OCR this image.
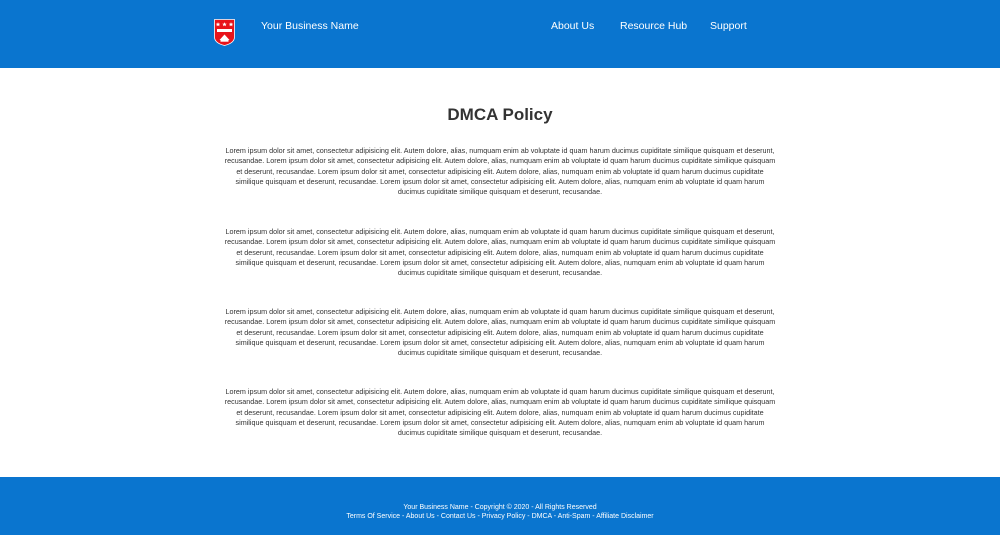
Your Business Name	About Us Resource Hub Support
DMCA Policy

Lorem ipsum dolor sit amet, consectetur adipisicing elit. Autem dolore, alias, numquam enim ab voluptate id quam harum ducimus cupiditate similique quisquam et deserunt, recusandae. Lorem ipsum dolor sit amet, consectetur adipisicing elit. Autem dolore, alias, numquam enim ab voluptate id quam harum ducimus cupiditate similique quisquam et deserunt, recusandae. Lorem ipsum dolor sit amet, consectetur adipisicing elit. Autem dolore, alias, numquam enim ab voluptate id quam harum ducimus cupiditate similique quisquam et deserunt, recusandae. Lorem ipsum dolor sit amet, consectetur adipisicing elit. Autem dolore, alias, numquam enim ab voluptate id quam harum ducimus cupiditate similique quisquam et deserunt, recusandae.

Lorem ipsum dolor sit amet, consectetur adipisicing elit. Autem dolore, alias, numquam enim ab voluptate id quam harum ducimus cupiditate similique quisquam et deserunt, recusandae. Lorem ipsum dolor sit amet, consectetur adipisicing elit. Autem dolore, alias, numquam enim ab voluptate id quam harum ducimus cupiditate similique quisquam et deserunt, recusandae. Lorem ipsum dolor sit amet, consectetur adipisicing elit. Autem dolore, alias, numquam enim ab voluptate id quam harum ducimus cupiditate similique quisquam et deserunt, recusandae. Lorem ipsum dolor sit amet, consectetur adipisicing elit. Autem dolore, alias, numquam enim ab voluptate id quam harum ducimus cupiditate similique quisquam et deserunt, recusandae.

Lorem ipsum dolor sit amet, consectetur adipisicing elit. Autem dolore, alias, numquam enim ab voluptate id quam harum ducimus cupiditate similique quisquam et deserunt, recusandae. Lorem ipsum dolor sit amet, consectetur adipisicing elit. Autem dolore, alias, numquam enim ab voluptate id quam harum ducimus cupiditate similique quisquam et deserunt, recusandae. Lorem ipsum dolor sit amet, consectetur adipisicing elit. Autem dolore, alias, numquam enim ab voluptate id quam harum ducimus cupiditate similique quisquam et deserunt, recusandae. Lorem ipsum dolor sit amet, consectetur adipisicing elit. Autem dolore, alias, numquam enim ab voluptate id quam harum ducimus cupiditate similique quisquam et deserunt, recusandae.

Lorem ipsum dolor sit amet, consectetur adipisicing elit. Autem dolore, alias, numquam enim ab voluptate id quam harum ducimus cupiditate similique quisquam et deserunt, recusandae. Lorem ipsum dolor sit amet, consectetur adipisicing elit. Autem dolore, alias, numquam enim ab voluptate id quam harum ducimus cupiditate similique quisquam et deserunt, recusandae. Lorem ipsum dolor sit amet, consectetur adipisicing elit. Autem dolore, alias, numquam enim ab voluptate id quam harum ducimus cupiditate similique quisquam et deserunt, recusandae. Lorem ipsum dolor sit amet, consectetur adipisicing elit. Autem dolore, alias, numquam enim ab voluptate id quam harum ducimus cupiditate similique quisquam et deserunt, recusandae.

Your Business Name - Copyright © 2020 - All Rights Reserved
Terms Of Service - About Us - Contact Us - Privacy Policy - DMCA - Anti-Spam - Affiliate Disclaimer
